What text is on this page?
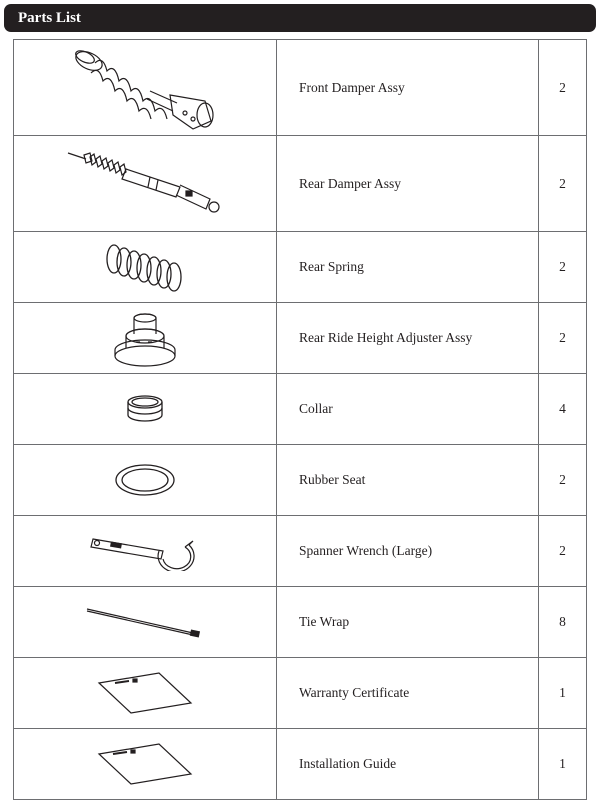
Parts List
	Front Damper Assy	2

	Rear Damper Assy	2

	Rear Spring	2

	Rear Ride Height Adjuster Assy	2

	Collar	4

	Rubber Seat	2

	Spanner Wrench (Large)	2

	Tie Wrap	8

	Warranty Certificate	1

	Installation Guide	1
